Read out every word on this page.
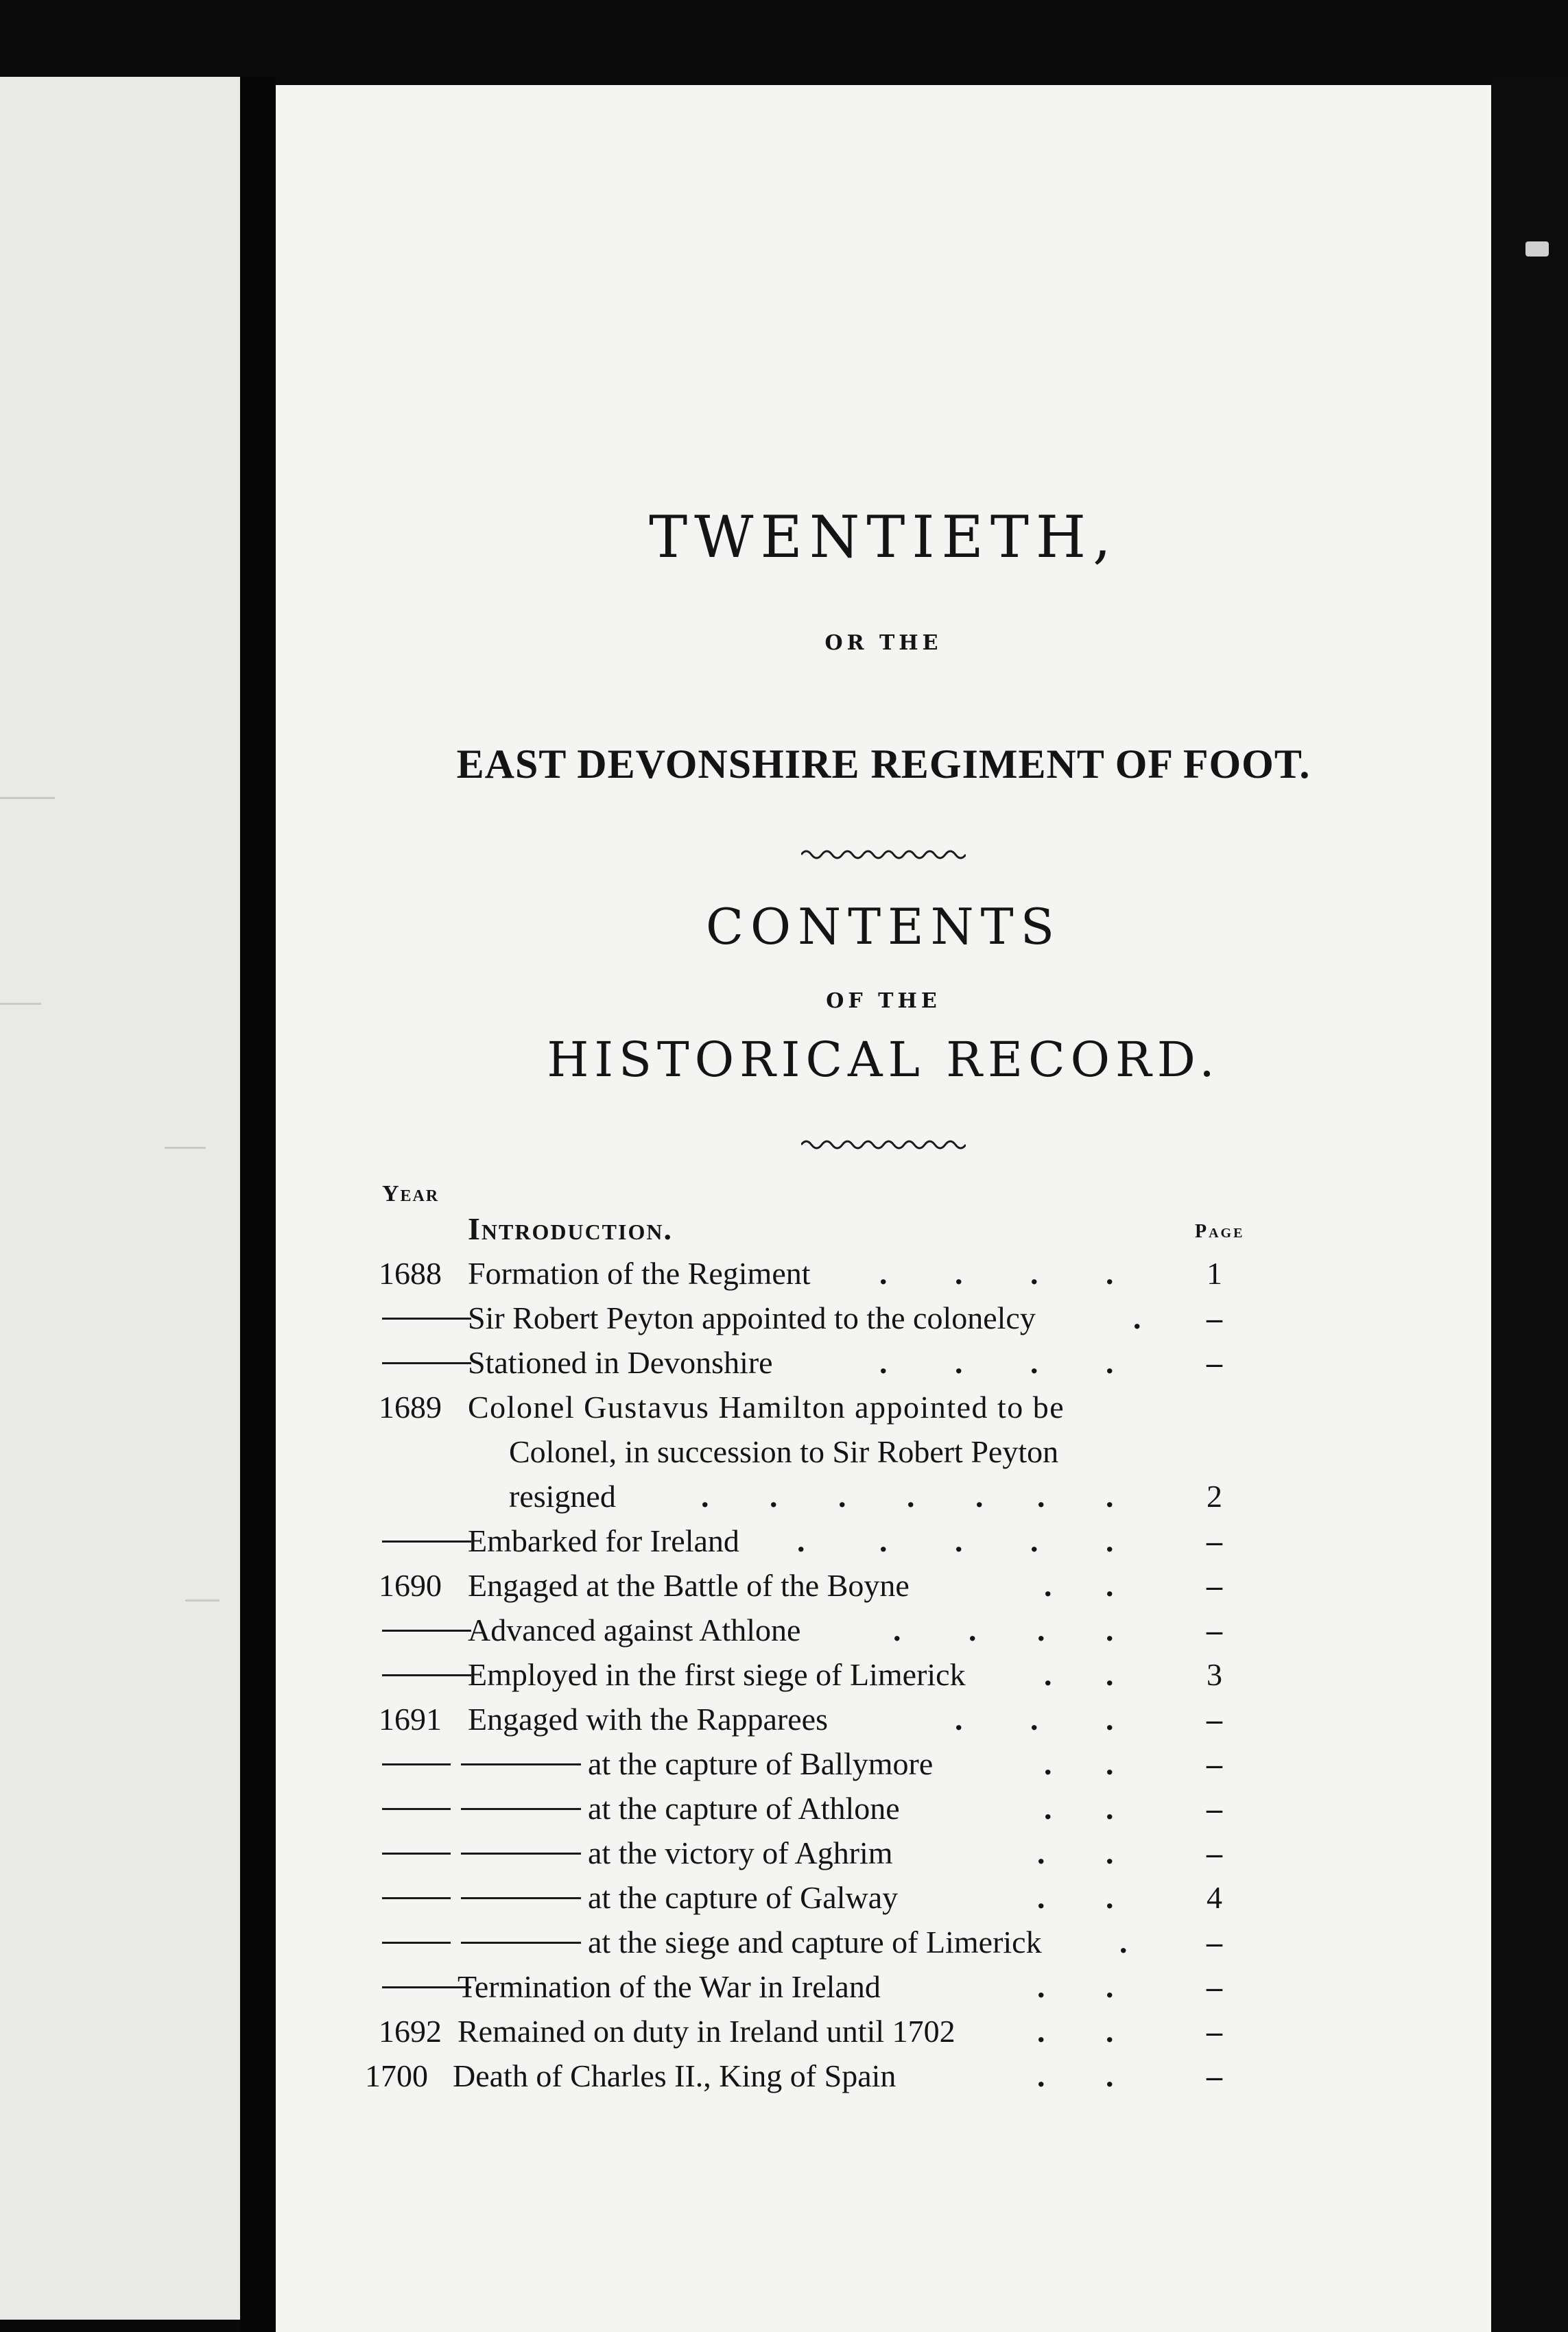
TWENTIETH,
OR THE
EAST DEVONSHIRE REGIMENT OF FOOT.
CONTENTS
OF THE
HISTORICAL RECORD.
Year
Introduction.	Page
1688 Formation of the Regiment . . . .	1
Sir Robert Peyton appointed to the colonelcy	.	–
Stationed in Devonshire	. . . .	–
1689 Colonel Gustavus Hamilton appointed to be
Colonel, in succession to Sir Robert Peyton
resigned	. . . . . . .	2
Embarked for Ireland . . . . .	–
1690 Engaged at the Battle of the Boyne	. .	–
Advanced against Athlone	. . . .	–
Employed in the first siege of Limerick . .	3
1691 Engaged with the Rapparees	. . .	–
at the capture of Ballymore	. .	–
at the capture of Athlone	. .	–
at the victory of Aghrim	. .	–
at the capture of Galway	. .	4
at the siege and capture of Limerick .	–
Termination of the War in Ireland	. .	–
1692 Remained on duty in Ireland until 1702	. .	–
1700 Death of Charles II., King of Spain	. .	–
